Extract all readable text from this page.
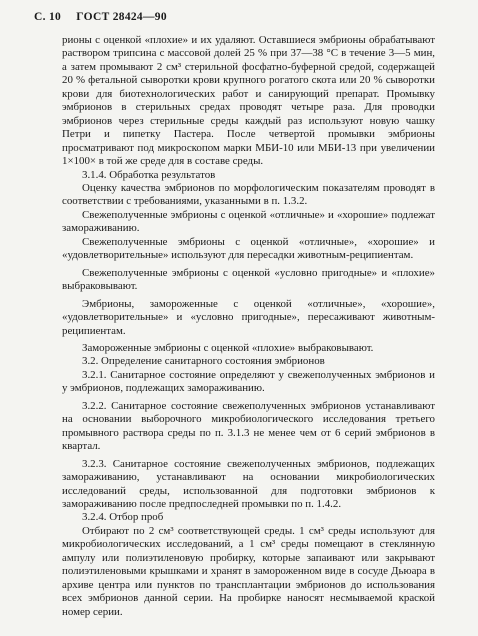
С. 10 ГОСТ 28424—90

рионы с оценкой «плохие» и их удаляют. Оставшиеся эмбрионы обрабатывают раствором трипсина с массовой долей 25 % при 37—38 °С в течение 3—5 мин, а затем промывают 2 см³ стерильной фосфатно-буферной средой, содержащей 20 % фетальной сыворотки крови крупного рогатого скота или 20 % сыворотки крови для биотехнологических работ и санирующий препарат. Промывку эмбрионов в стерильных средах проводят четыре раза. Для проводки эмбрионов через стерильные среды каждый раз используют новую чашку Петри и пипетку Пастера. После четвертой промывки эмбрионы просматривают под микроскопом марки МБИ-10 или МБИ-13 при увеличении 1×100× в той же среде для в составе среды.

3.1.4. Обработка результатов

Оценку качества эмбрионов по морфологическим показателям проводят в соответствии с требованиями, указанными в п. 1.3.2.

Свежеполученные эмбрионы с оценкой «отличные» и «хорошие» подлежат замораживанию.

Свежеполученные эмбрионы с оценкой «отличные», «хорошие» и «удовлетворительные» используют для пересадки животным-реципиентам.

Свежеполученные эмбрионы с оценкой «условно пригодные» и «плохие» выбраковывают.

Эмбрионы, замороженные с оценкой «отличные», «хорошие», «удовлетворительные» и «условно пригодные», пересаживают животным-реципиентам.

Замороженные эмбрионы с оценкой «плохие» выбраковывают.

3.2. Определение санитарного состояния эмбрионов

3.2.1. Санитарное состояние определяют у свежеполученных эмбрионов и у эмбрионов, подлежащих замораживанию.

3.2.2. Санитарное состояние свежеполученных эмбрионов устанавливают на основании выборочного микробиологического исследования третьего промывного раствора среды по п. 3.1.3 не менее чем от 6 серий эмбрионов в квартал.

3.2.3. Санитарное состояние свежеполученных эмбрионов, подлежащих замораживанию, устанавливают на основании микробиологических исследований среды, использованной для подготовки эмбрионов к замораживанию после предпоследней промывки по п. 1.4.2.

3.2.4. Отбор проб

Отбирают по 2 см³ соответствующей среды. 1 см³ среды используют для микробиологических исследований, а 1 см³ среды помещают в стеклянную ампулу или полиэтиленовую пробирку, которые запаивают или закрывают полиэтиленовыми крышками и хранят в замороженном виде в сосуде Дьюара в архиве центра или пунктов по трансплантации эмбрионов до использования всех эмбрионов данной серии. На пробирке наносят несмываемой краской номер серии.
